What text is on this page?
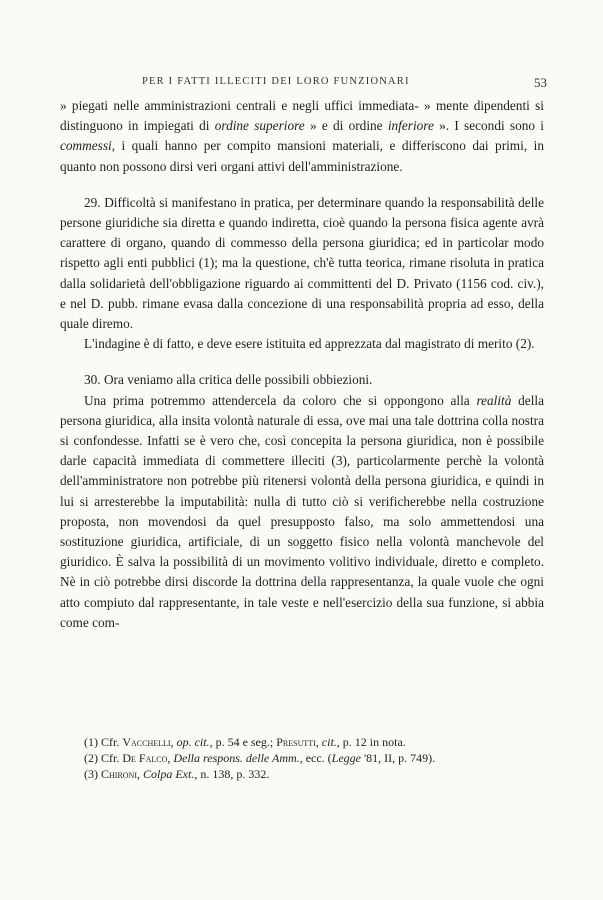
PER I FATTI ILLECITI DEI LORO FUNZIONARI	53

» piegati nelle amministrazioni centrali e negli uffici immediata- » mente dipendenti si distinguono in impiegati di ordine superiore » e di ordine inferiore ». I secondi sono i commessi, i quali hanno per compito mansioni materiali, e differiscono dai primi, in quanto non possono dirsi veri organi attivi dell'amministrazione.

29. Difficoltà si manifestano in pratica, per determinare quando la responsabilità delle persone giuridiche sia diretta e quando indiretta, cioè quando la persona fisica agente avrà carattere di organo, quando di commesso della persona giuridica; ed in particolar modo rispetto agli enti pubblici (1); ma la questione, ch'è tutta teorica, rimane risoluta in pratica dalla solidarietà dell'obbligazione riguardo ai committenti del D. Privato (1156 cod. civ.), e nel D. pubb. rimane evasa dalla concezione di una responsabilità propria ad esso, della quale diremo.

L'indagine è di fatto, e deve esere istituita ed apprezzata dal magistrato di merito (2).

30. Ora veniamo alla critica delle possibili obbiezioni.

Una prima potremmo attendercela da coloro che si oppongono alla realità della persona giuridica, alla insita volontà naturale di essa, ove mai una tale dottrina colla nostra si confondesse. Infatti se è vero che, così concepita la persona giuridica, non è possibile darle capacità immediata di commettere illeciti (3), particolarmente perchè la volontà dell'amministratore non potrebbe più ritenersi volontà della persona giuridica, e quindi in lui si arresterebbe la imputabilità: nulla di tutto ciò si verificherebbe nella costruzione proposta, non movendosi da quel presupposto falso, ma solo ammettendosi una sostituzione giuridica, artificiale, di un soggetto fisico nella volontà manchevole del giuridico. È salva la possibilità di un movimento volitivo individuale, diretto e completo. Nè in ciò potrebbe dirsi discorde la dottrina della rappresentanza, la quale vuole che ogni atto compiuto dal rappresentante, in tale veste e nell'esercizio della sua funzione, si abbia come com-

(1) Cfr. Vacchelli, op. cit., p. 54 e seg.; Presutti, cit., p. 12 in nota.

(2) Cfr. De Falco, Della respons. delle Amm., ecc. (Legge '81, II, p. 749).

(3) Chironi, Colpa Ext., n. 138, p. 332.
